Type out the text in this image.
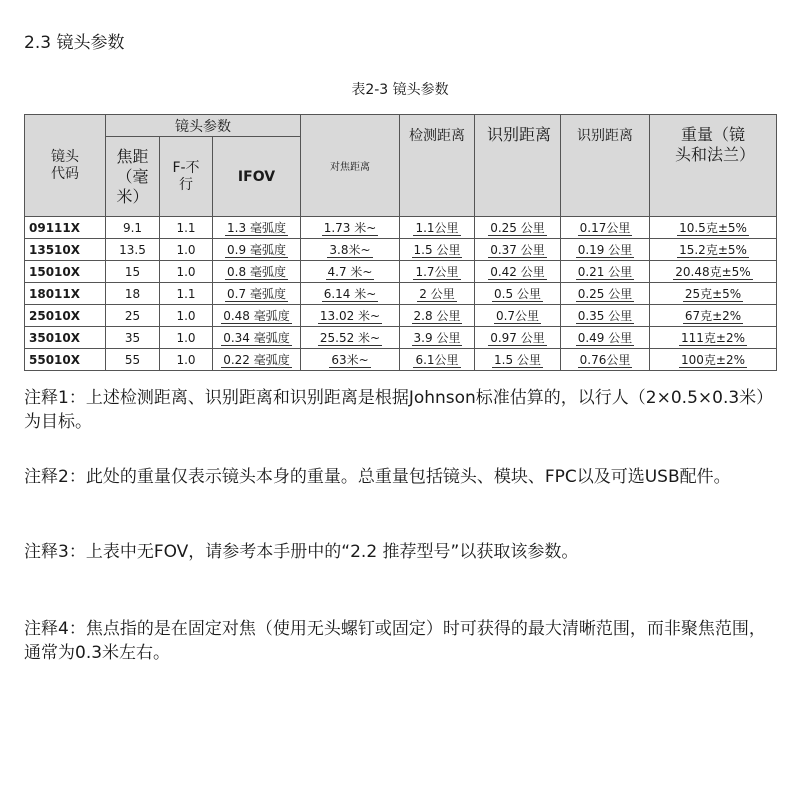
2.3 镜头参数
表2-3 镜头参数
镜头代码	镜头参数			对焦距离	检测距离	识别距离	识别距离	重量（镜头和法兰）
	焦距（毫米）	F-不行	IFOV					
09111X	9.1	1.1	1.3 毫弧度	1.73 米~	1.1公里	0.25 公里	0.17公里	10.5克±5%
13510X	13.5	1.0	0.9 毫弧度	3.8米~	1.5 公里	0.37 公里	0.19 公里	15.2克±5%
15010X	15	1.0	0.8 毫弧度	4.7 米~	1.7公里	0.42 公里	0.21 公里	20.48克±5%
18011X	18	1.1	0.7 毫弧度	6.14 米~	2 公里	0.5 公里	0.25 公里	25克±5%
25010X	25	1.0	0.48 毫弧度	13.02 米~	2.8 公里	0.7公里	0.35 公里	67克±2%
35010X	35	1.0	0.34 毫弧度	25.52 米~	3.9 公里	0.97 公里	0.49 公里	111克±2%
55010X	55	1.0	0.22 毫弧度	63米~	6.1公里	1.5 公里	0.76公里	100克±2%
注释1：上述检测距离、识别距离和识别距离是根据Johnson标准估算的，以行人（2×0.5×0.3米）为目标。
注释2：此处的重量仅表示镜头本身的重量。总重量包括镜头、模块、FPC以及可选USB配件。
注释3：上表中无FOV，请参考本手册中的“2.2 推荐型号”以获取该参数。
注释4：焦点指的是在固定对焦（使用无头螺钉或固定）时可获得的最大清晰范围，而非聚焦范围，通常为0.3米左右。
